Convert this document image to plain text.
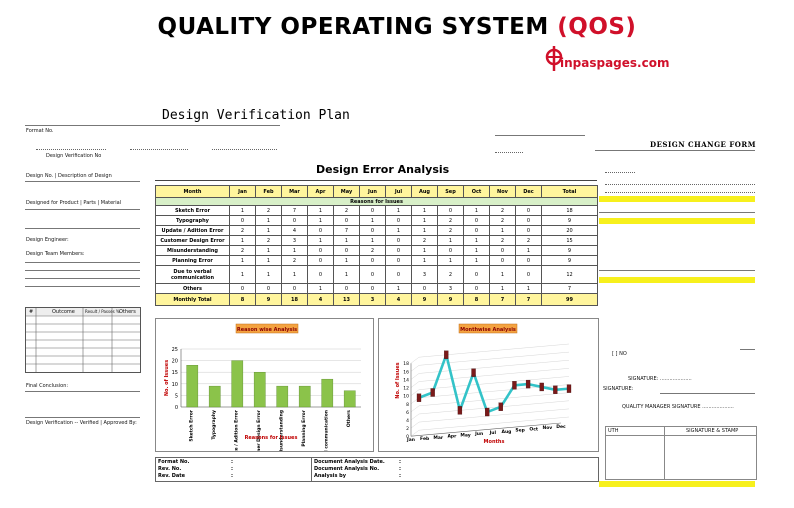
QUALITY OPERATING SYSTEM (QOS)
inpaspages.com
Design Verification Plan
Format No.
Design Verification No
Design No. | Description of Design
Designed for Product | Parts | Material
Design Engineer:
Design Team Members:
#	Outcome	Result / Passes % Others
Final Conclusion:
Design Verification -- Verified | Approved By:
DESIGN CHANGE FORM
[ ] NO
SIGNATURE: ....................
SIGNATURE:
QUALITY MANAGER SIGNATURE ....................
UTH	SIGNATURE & STAMP
Design Error Analysis
Month	Jan	Feb	Mar	Apr	May	Jun	Jul	Aug	Sep	Oct	Nov	Dec	Total
Reasons for Issues													
Sketch Error	1	2	7	1	2	0	1	1	0	1	2	0	18
Typography	0	1	0	1	0	1	0	1	2	0	2	0	9
Update / Adition Error	2	1	4	0	7	0	1	1	2	0	1	0	20
Customer Design Error	1	2	3	1	1	1	0	2	1	1	2	2	15
Misunderstanding	2	1	1	0	0	2	0	1	0	1	0	1	9
Planning Error	1	1	2	0	1	0	0	1	1	1	0	0	9
Due to verbal communication	1	1	1	0	1	0	0	3	2	0	1	0	12
Others	0	0	0	1	0	0	1	0	3	0	1	1	7
Monthly Total	8	9	18	4	13	3	4	9	9	8	7	7	99
Reason wise Analysis
0
5
10
15
20
25
Sketch Error	Typography	Update / Adition Error	Customer Design Error	Misunderstanding	Planning Error	Due to verbal communication	Others
No. of Issues
Reasons for Issues
Monthwise Analysis
0
2
4
6
8
10
12
14
16
18
Jan Feb Mar Apr May Jun Jul Aug Sep Oct Nov Dec
No. of Issues
Months
Format No.
Rev. No.
Rev. Date
:
:
:
Document Analysis Date.
Document Analysis No.
Analysis by
:
:
:
